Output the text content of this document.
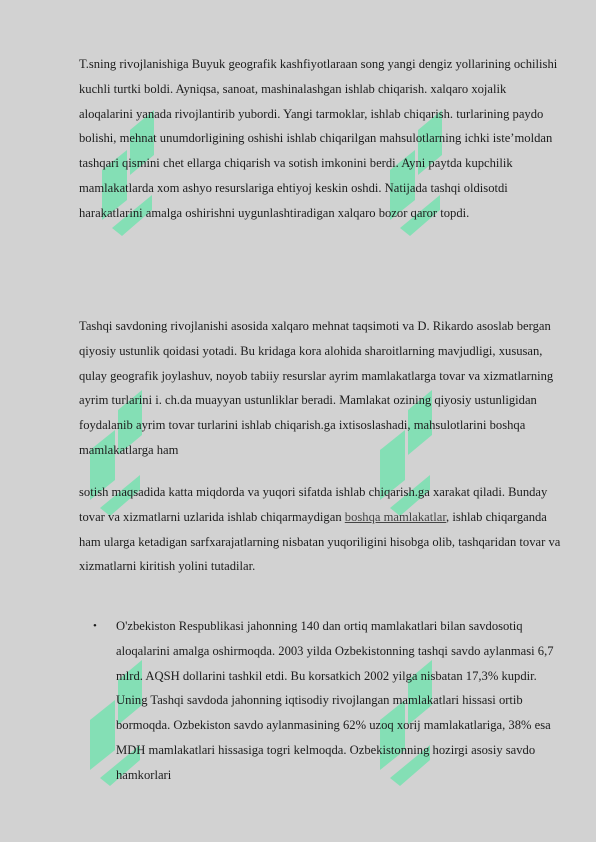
T.sning rivojlanishiga Buyuk geografik kashfiyotlaraan song yangi dengiz yollarining ochilishi kuchli turtki boldi. Ayniqsa, sanoat, mashinalashgan ishlab chiqarish. xalqaro xojalik aloqalarini yanada rivojlantirib yubordi. Yangi tarmoklar, ishlab chiqarish. turlarining paydo bolishi, mehnat unumdorligining oshishi ishlab chiqarilgan mahsulotlarning ichki iste’moldan tashqari qismini chet ellarga chiqarish va sotish imkonini berdi. Ayni paytda kupchilik mamlakatlarda xom ashyo resurslariga ehtiyoj keskin oshdi. Natijada tashqi oldisotdi harakatlarini amalga oshirishni uygunlashtiradigan xalqaro bozor qaror topdi.

Tashqi savdoning rivojlanishi asosida xalqaro mehnat taqsimoti va D. Rikardo asoslab bergan qiyosiy ustunlik qoidasi yotadi. Bu kridaga kora alohida sharoitlarning mavjudligi, xususan, qulay geografik joylashuv, noyob tabiiy resurslar ayrim mamlakatlarga tovar va xizmatlarning ayrim turlarini i. ch.da muayyan ustunliklar beradi. Mamlakat ozining qiyosiy ustunligidan foydalanib ayrim tovar turlarini ishlab chiqarish.ga ixtisoslashadi, mahsulotlarini boshqa mamlakatlarga ham

sotish maqsadida katta miqdorda va yuqori sifatda ishlab chiqarish.ga xarakat qiladi. Bunday tovar va xizmatlarni uzlarida ishlab chiqarmaydigan boshqa mamlakatlar, ishlab chiqarganda ham ularga ketadigan sarfxarajatlarning nisbatan yuqoriligini hisobga olib, tashqaridan tovar va xizmatlarni kiritish yolini tutadilar.

• O'zbekiston Respublikasi jahonning 140 dan ortiq mamlakatlari bilan savdosotiq aloqalarini amalga oshirmoqda. 2003 yilda Ozbekistonning tashqi savdo aylanmasi 6,7 mlrd. AQSH dollarini tashkil etdi. Bu korsatkich 2002 yilga nisbatan 17,3% kupdir. Uning Tashqi savdoda jahonning iqtisodiy rivojlangan mamlakatlari hissasi ortib bormoqda. Ozbekiston savdo aylanmasining 62% uzoq xorij mamlakatlariga, 38% esa MDH mamlakatlari hissasiga togri kelmoqda. Ozbekistonning hozirgi asosiy savdo hamkorlari
